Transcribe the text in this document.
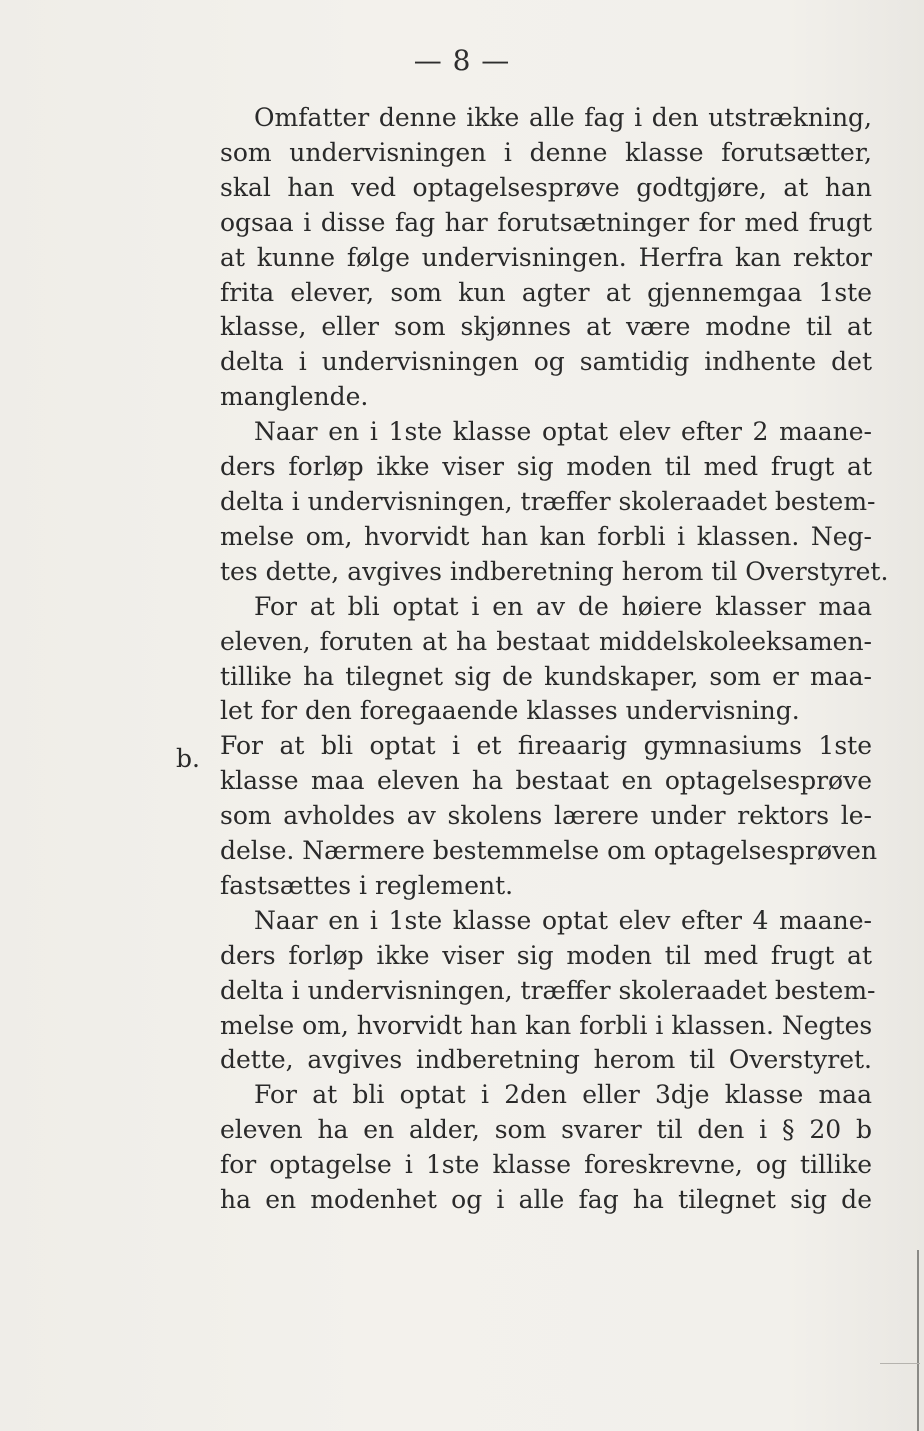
— 8 —
b.
Omfatter denne ikke alle fag i den utstrækning,
som undervisningen i denne klasse forutsætter,
skal han ved optagelsesprøve godtgjøre, at han
ogsaa i disse fag har forutsætninger for med frugt
at kunne følge undervisningen. Herfra kan rektor
frita elever, som kun agter at gjennemgaa 1ste
klasse, eller som skjønnes at være modne til at
delta i undervisningen og samtidig indhente det
manglende.
Naar en i 1ste klasse optat elev efter 2 maane-
ders forløp ikke viser sig moden til med frugt at
delta i undervisningen, træffer skoleraadet bestem-
melse om, hvorvidt han kan forbli i klassen. Neg-
tes dette, avgives indberetning herom til Overstyret.
For at bli optat i en av de høiere klasser maa
eleven, foruten at ha bestaat middelskoleeksamen-
tillike ha tilegnet sig de kundskaper, som er maa-
let for den foregaaende klasses undervisning.
For at bli optat i et fireaarig gymnasiums 1ste
klasse maa eleven ha bestaat en optagelsesprøve
som avholdes av skolens lærere under rektors le-
delse. Nærmere bestemmelse om optagelsesprøven
fastsættes i reglement.
Naar en i 1ste klasse optat elev efter 4 maane-
ders forløp ikke viser sig moden til med frugt at
delta i undervisningen, træffer skoleraadet bestem-
melse om, hvorvidt han kan forbli i klassen. Negtes
dette, avgives indberetning herom til Overstyret.
For at bli optat i 2den eller 3dje klasse maa
eleven ha en alder, som svarer til den i § 20 b
for optagelse i 1ste klasse foreskrevne, og tillike
ha en modenhet og i alle fag ha tilegnet sig de
